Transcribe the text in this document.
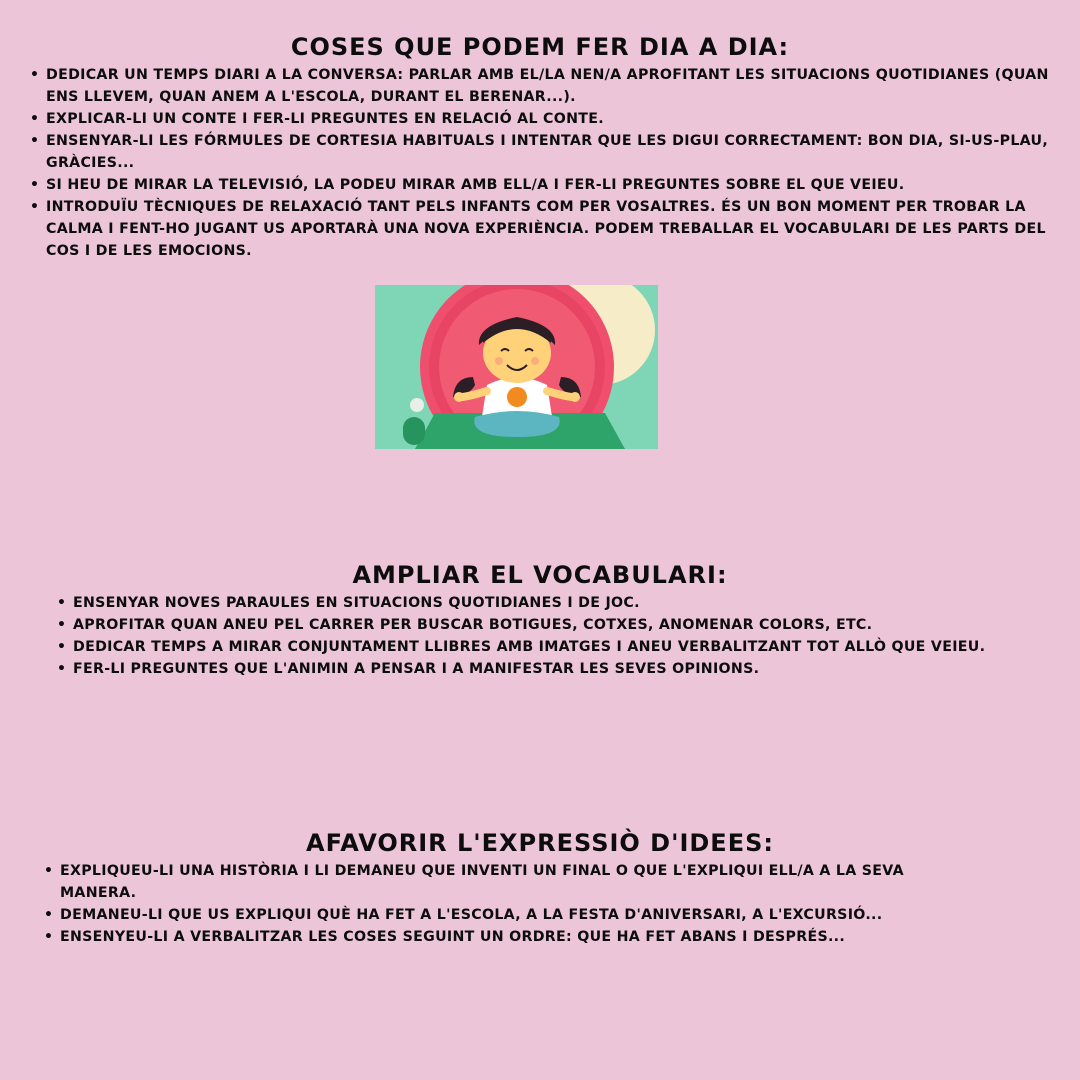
COSES QUE PODEM FER DIA A DIA:
• DEDICAR UN TEMPS DIARI A LA CONVERSA: PARLAR AMB EL/LA NEN/A APROFITANT LES SITUACIONS QUOTIDIANES (QUAN ENS LLEVEM, QUAN ANEM A L'ESCOLA, DURANT EL BERENAR...).
• EXPLICAR-LI UN CONTE I FER-LI PREGUNTES EN RELACIÓ AL CONTE.
• ENSENYAR-LI LES FÓRMULES DE CORTESIA HABITUALS I INTENTAR QUE LES DIGUI CORRECTAMENT: BON DIA, SI-US-PLAU, GRÀCIES...
• SI HEU DE MIRAR LA TELEVISIÓ, LA PODEU MIRAR AMB ELL/A I FER-LI PREGUNTES SOBRE EL QUE VEIEU.
• INTRODUÏU TÈCNIQUES DE RELAXACIÓ TANT PELS INFANTS COM PER VOSALTRES. ÉS UN BON MOMENT PER TROBAR LA CALMA I FENT-HO JUGANT US APORTARÀ UNA NOVA EXPERIÈNCIA. PODEM TREBALLAR EL VOCABULARI DE LES PARTS DEL COS I DE LES EMOCIONS.
AMPLIAR EL VOCABULARI:
• ENSENYAR NOVES PARAULES EN SITUACIONS QUOTIDIANES I DE JOC.
• APROFITAR QUAN ANEU PEL CARRER PER BUSCAR BOTIGUES, COTXES, ANOMENAR COLORS, ETC.
• DEDICAR TEMPS A MIRAR CONJUNTAMENT LLIBRES AMB IMATGES I ANEU VERBALITZANT TOT ALLÒ QUE VEIEU.
• FER-LI PREGUNTES QUE L'ANIMIN A PENSAR I A MANIFESTAR LES SEVES OPINIONS.
AFAVORIR L'EXPRESSIÒ D'IDEES:
• EXPLIQUEU-LI UNA HISTÒRIA I LI DEMANEU QUE INVENTI UN FINAL O QUE L'EXPLIQUI ELL/A A LA SEVA MANERA.
• DEMANEU-LI QUE US EXPLIQUI QUÈ HA FET A L'ESCOLA, A LA FESTA D'ANIVERSARI, A L'EXCURSIÓ...
• ENSENYEU-LI A VERBALITZAR LES COSES SEGUINT UN ORDRE: QUE HA FET ABANS I DESPRÉS...
